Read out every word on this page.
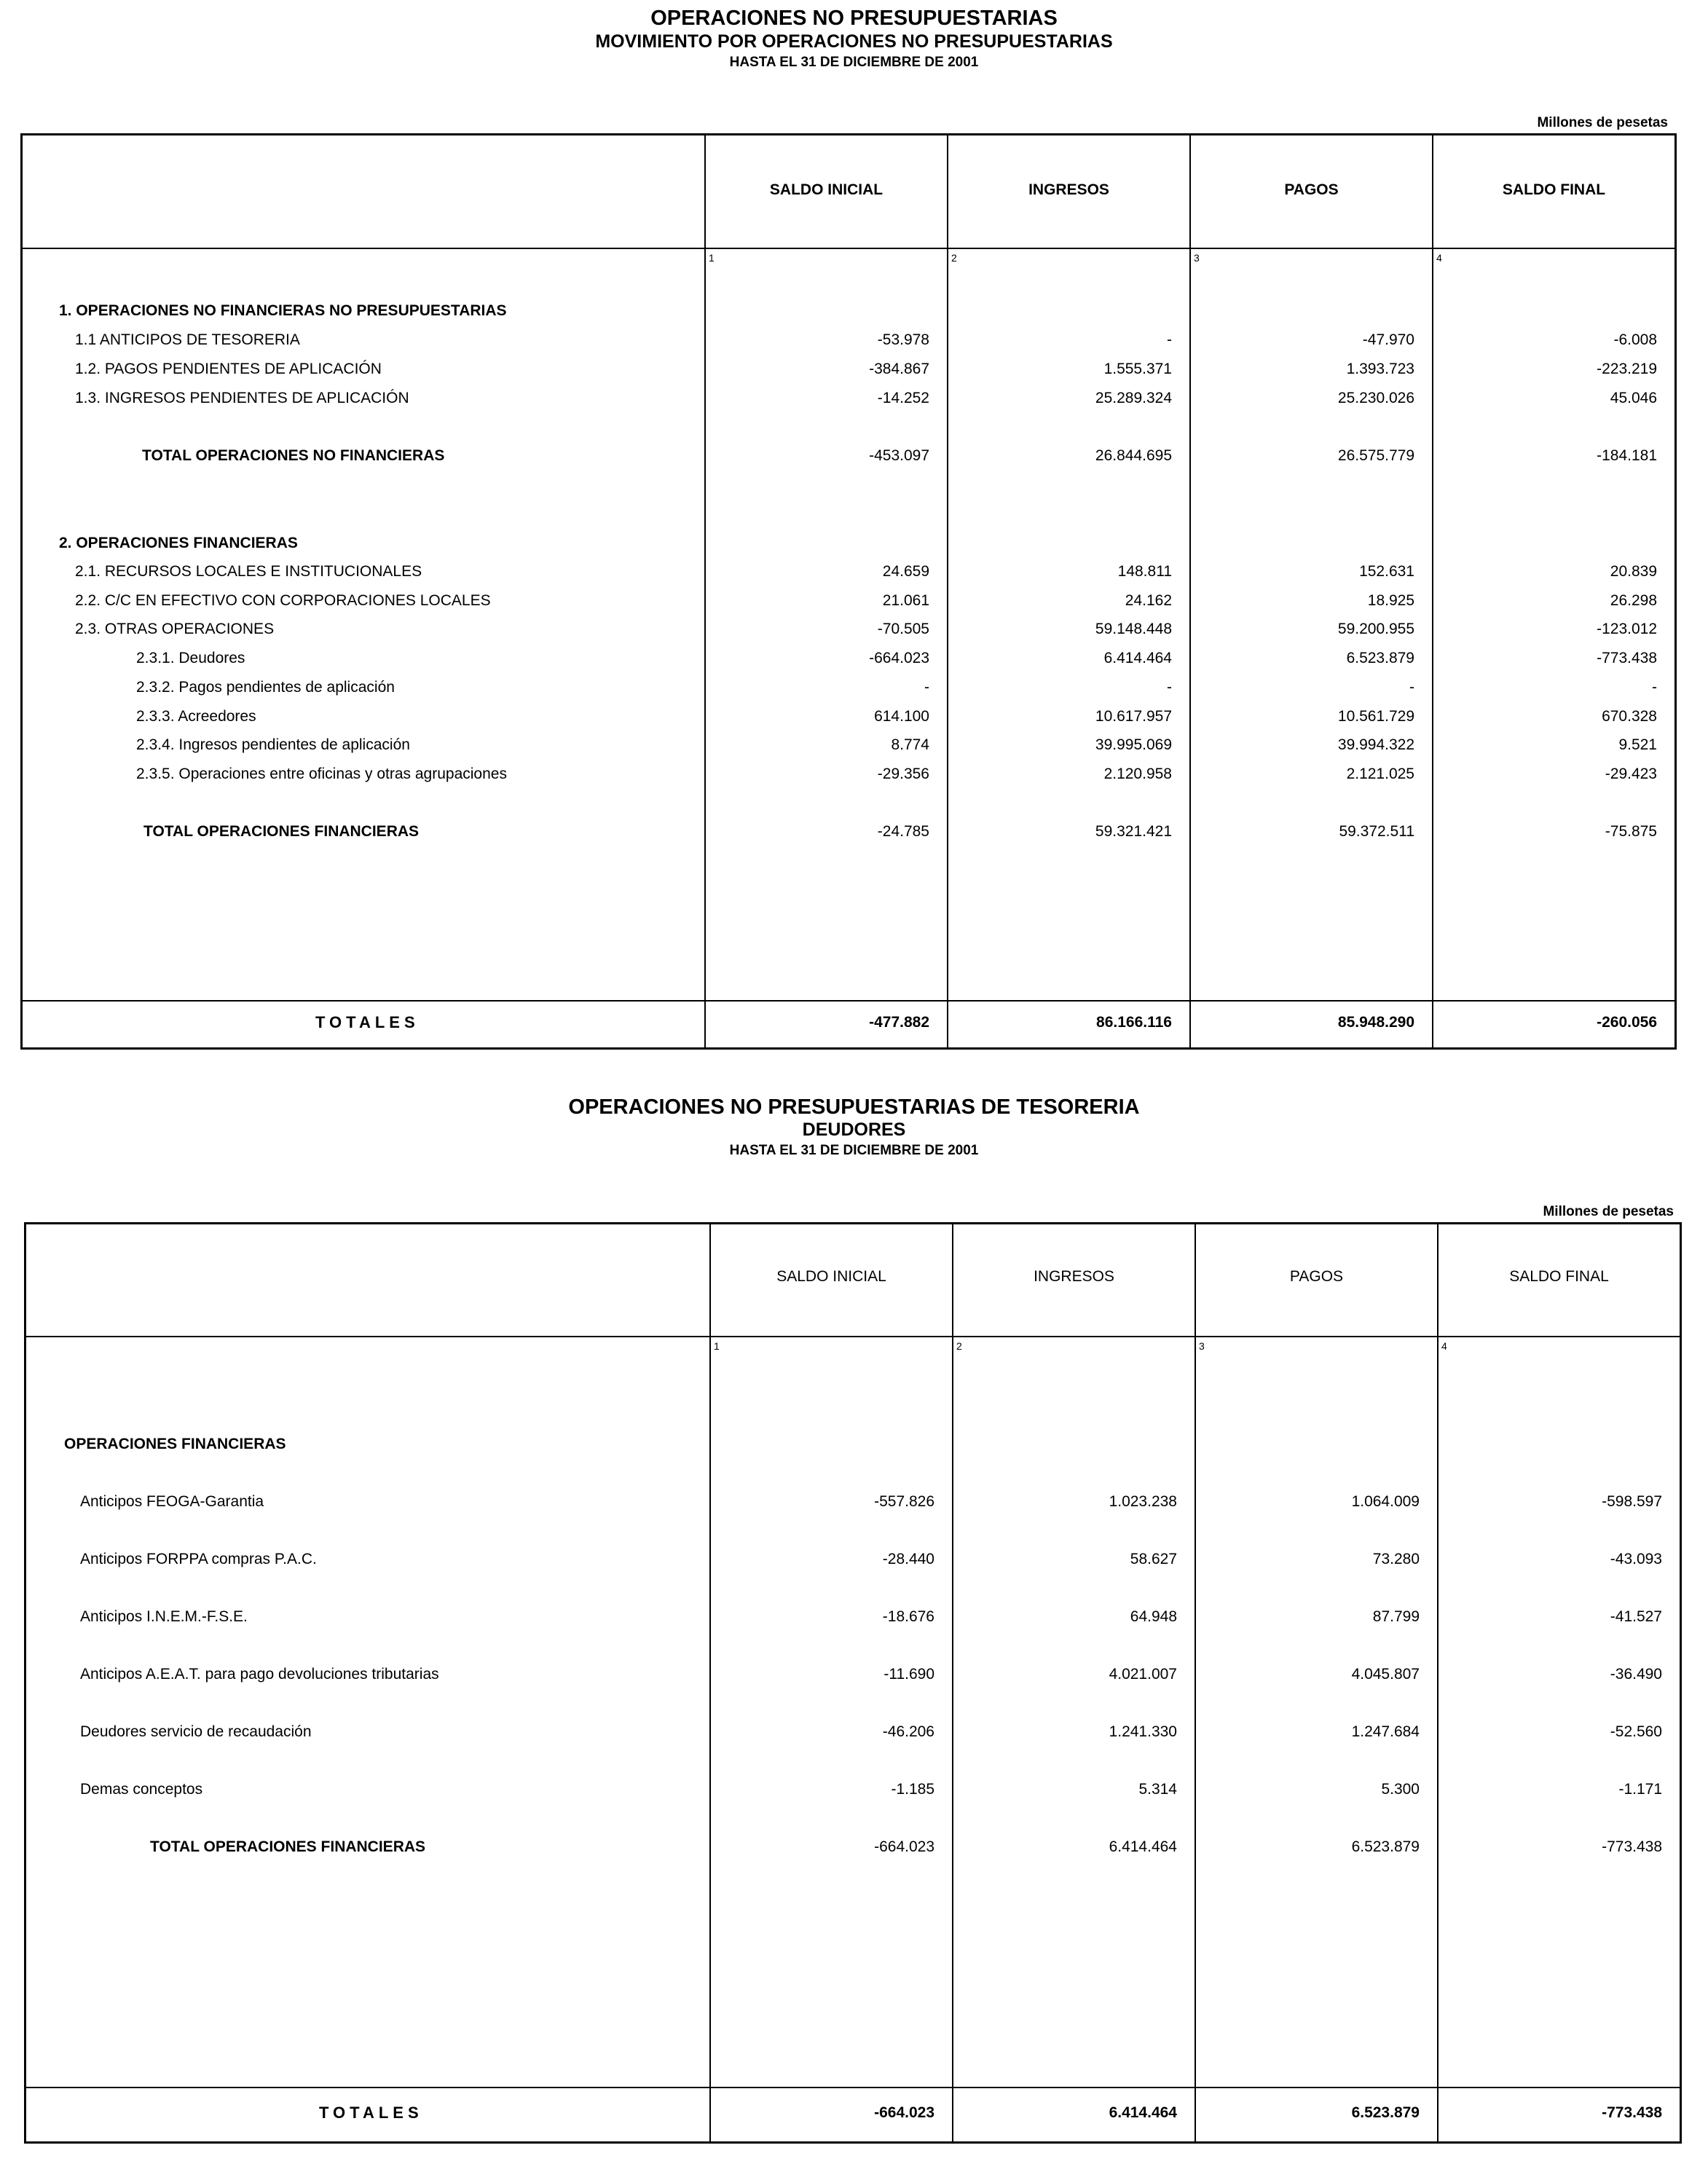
OPERACIONES NO PRESUPUESTARIAS
MOVIMIENTO POR OPERACIONES NO PRESUPUESTARIAS
HASTA EL 31 DE DICIEMBRE DE 2001
Millones de pesetas
SALDO INICIAL	INGRESOS	PAGOS	SALDO FINAL
1	2	3	4
1. OPERACIONES NO FINANCIERAS NO PRESUPUESTARIAS
1.1 ANTICIPOS DE TESORERIA	-53.978	-	-47.970	-6.008
1.2. PAGOS PENDIENTES DE APLICACIÓN	-384.867	1.555.371	1.393.723	-223.219
1.3. INGRESOS PENDIENTES DE APLICACIÓN	-14.252	25.289.324	25.230.026	45.046
TOTAL OPERACIONES NO FINANCIERAS	-453.097	26.844.695	26.575.779	-184.181
2. OPERACIONES FINANCIERAS
2.1. RECURSOS LOCALES E INSTITUCIONALES	24.659	148.811	152.631	20.839
2.2. C/C EN EFECTIVO CON CORPORACIONES LOCALES	21.061	24.162	18.925	26.298
2.3. OTRAS OPERACIONES	-70.505	59.148.448	59.200.955	-123.012
2.3.1. Deudores	-664.023	6.414.464	6.523.879	-773.438
2.3.2. Pagos pendientes de aplicación	-	-	-	-
2.3.3. Acreedores	614.100	10.617.957	10.561.729	670.328
2.3.4. Ingresos pendientes de aplicación	8.774	39.995.069	39.994.322	9.521
2.3.5. Operaciones entre oficinas y otras agrupaciones	-29.356	2.120.958	2.121.025	-29.423
TOTAL OPERACIONES FINANCIERAS	-24.785	59.321.421	59.372.511	-75.875
TOTALES	-477.882	86.166.116	85.948.290	-260.056
OPERACIONES NO PRESUPUESTARIAS DE TESORERIA
DEUDORES
HASTA EL 31 DE DICIEMBRE DE 2001
Millones de pesetas
SALDO INICIAL	INGRESOS	PAGOS	SALDO FINAL
1	2	3	4
OPERACIONES FINANCIERAS
Anticipos FEOGA-Garantia	-557.826	1.023.238	1.064.009	-598.597
Anticipos FORPPA compras P.A.C.	-28.440	58.627	73.280	-43.093
Anticipos I.N.E.M.-F.S.E.	-18.676	64.948	87.799	-41.527
Anticipos A.E.A.T. para pago devoluciones tributarias	-11.690	4.021.007	4.045.807	-36.490
Deudores servicio de recaudación	-46.206	1.241.330	1.247.684	-52.560
Demas conceptos	-1.185	5.314	5.300	-1.171
TOTAL OPERACIONES FINANCIERAS	-664.023	6.414.464	6.523.879	-773.438
TOTALES	-664.023	6.414.464	6.523.879	-773.438
